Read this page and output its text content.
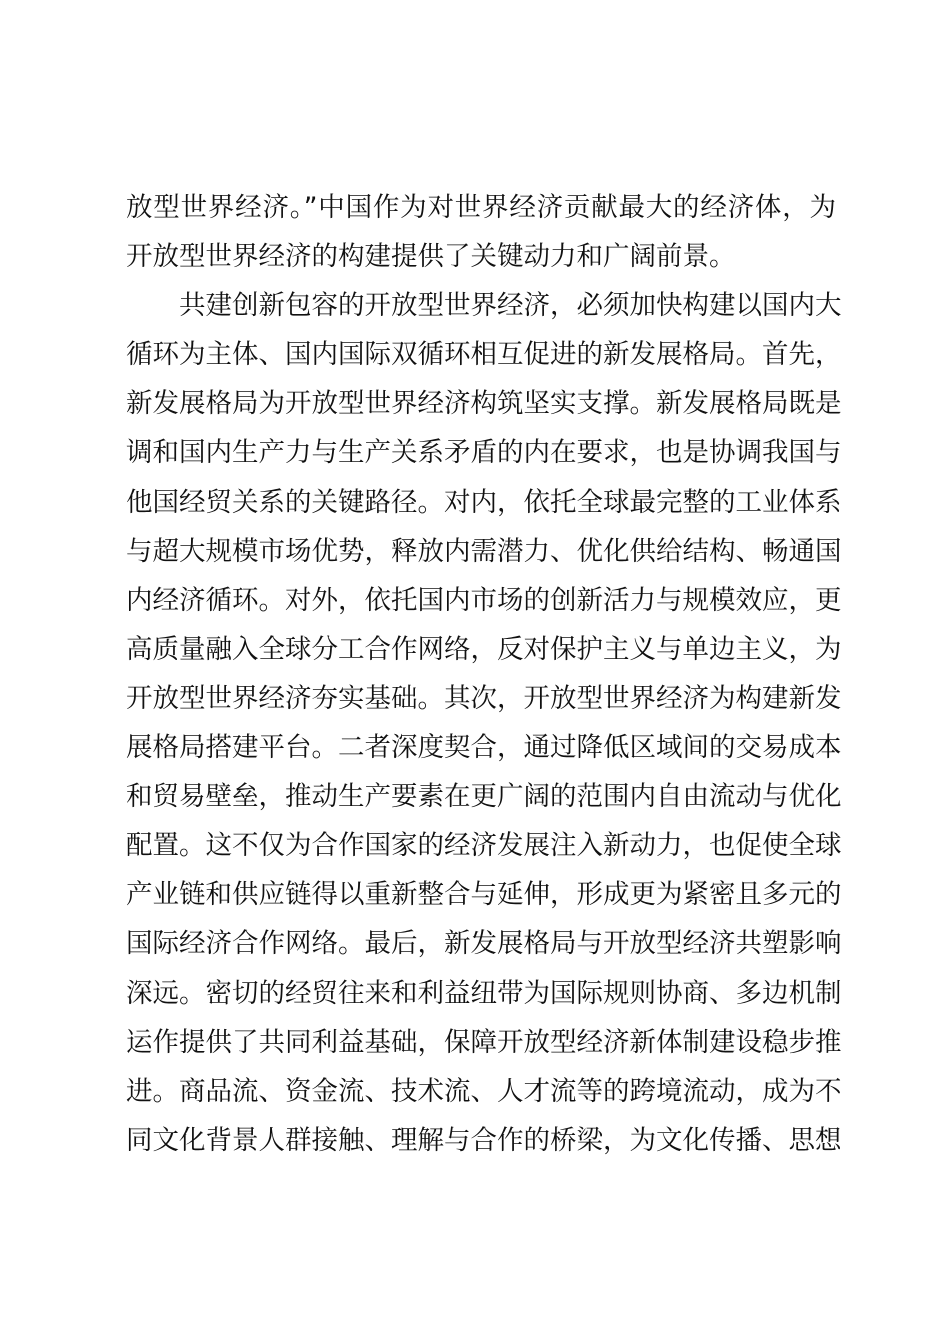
放型世界经济。”中国作为对世界经济贡献最大的经济体，为
开放型世界经济的构建提供了关键动力和广阔前景。
　　共建创新包容的开放型世界经济，必须加快构建以国内大
循环为主体、国内国际双循环相互促进的新发展格局。首先，
新发展格局为开放型世界经济构筑坚实支撑。新发展格局既是
调和国内生产力与生产关系矛盾的内在要求，也是协调我国与
他国经贸关系的关键路径。对内，依托全球最完整的工业体系
与超大规模市场优势，释放内需潜力、优化供给结构、畅通国
内经济循环。对外，依托国内市场的创新活力与规模效应，更
高质量融入全球分工合作网络，反对保护主义与单边主义，为
开放型世界经济夯实基础。其次，开放型世界经济为构建新发
展格局搭建平台。二者深度契合，通过降低区域间的交易成本
和贸易壁垒，推动生产要素在更广阔的范围内自由流动与优化
配置。这不仅为合作国家的经济发展注入新动力，也促使全球
产业链和供应链得以重新整合与延伸，形成更为紧密且多元的
国际经济合作网络。最后，新发展格局与开放型经济共塑影响
深远。密切的经贸往来和利益纽带为国际规则协商、多边机制
运作提供了共同利益基础，保障开放型经济新体制建设稳步推
进。商品流、资金流、技术流、人才流等的跨境流动，成为不
同文化背景人群接触、理解与合作的桥梁，为文化传播、思想
